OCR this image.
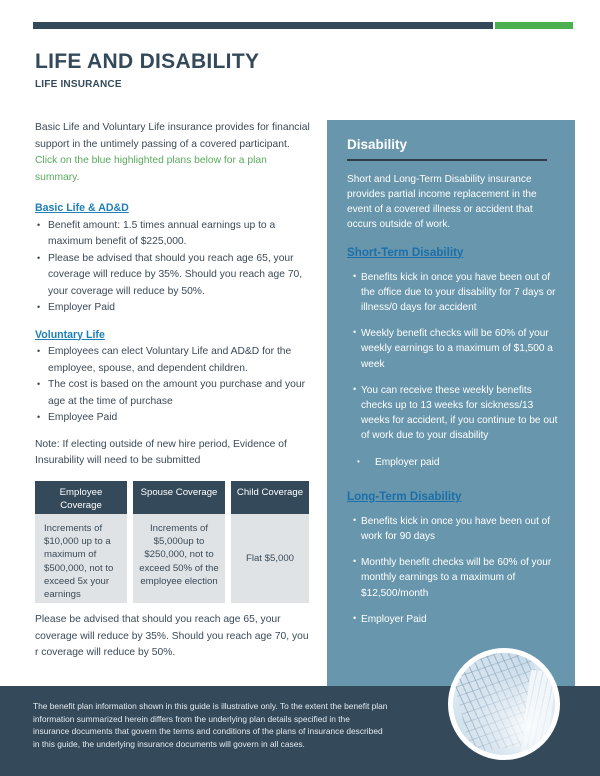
LIFE AND DISABILITY
LIFE INSURANCE

Basic Life and Voluntary Life insurance provides for financial support in the untimely passing of a covered participant. Click on the blue highlighted plans below for a plan summary.

Basic Life & AD&D
• Benefit amount: 1.5 times annual earnings up to a maximum benefit of $225,000.
• Please be advised that should you reach age 65, your coverage will reduce by 35%. Should you reach age 70, your coverage will reduce by 50%.
• Employer Paid
Voluntary Life
• Employees can elect Voluntary Life and AD&D for the employee, spouse, and dependent children.
• The cost is based on the amount you purchase and your age at the time of purchase
• Employee Paid

Note: If electing outside of new hire period, Evidence of Insurability will need to be submitted

Employee Coverage
Increments of $10,000 up to a maximum of $500,000, not to exceed 5x your earnings
Spouse Coverage
Increments of $5,000up to $250,000, not to exceed 50% of the employee election
Child Coverage
Flat $5,000

Please be advised that should you reach age 65, your coverage will reduce by 35%. Should you reach age 70, you r coverage will reduce by 50%.

Disability

Short and Long-Term Disability insurance provides partial income replacement in the event of a covered illness or accident that occurs outside of work.

Short-Term Disability
• Benefits kick in once you have been out of the office due to your disability for 7 days or illness/0 days for accident
• Weekly benefit checks will be 60% of your weekly earnings to a maximum of $1,500 a week
• You can receive these weekly benefits checks up to 13 weeks for sickness/13 weeks for accident, if you continue to be out of work due to your disability
• Employer paid
Long-Term Disability
• Benefits kick in once you have been out of work for 90 days
• Monthly benefit checks will be 60% of your monthly earnings to a maximum of $12,500/month
• Employer Paid

The benefit plan information shown in this guide is illustrative only. To the extent the benefit plan information summarized herein differs from the underlying plan details specified in the insurance documents that govern the terms and conditions of the plans of insurance described in this guide, the underlying insurance documents will govern in all cases.
